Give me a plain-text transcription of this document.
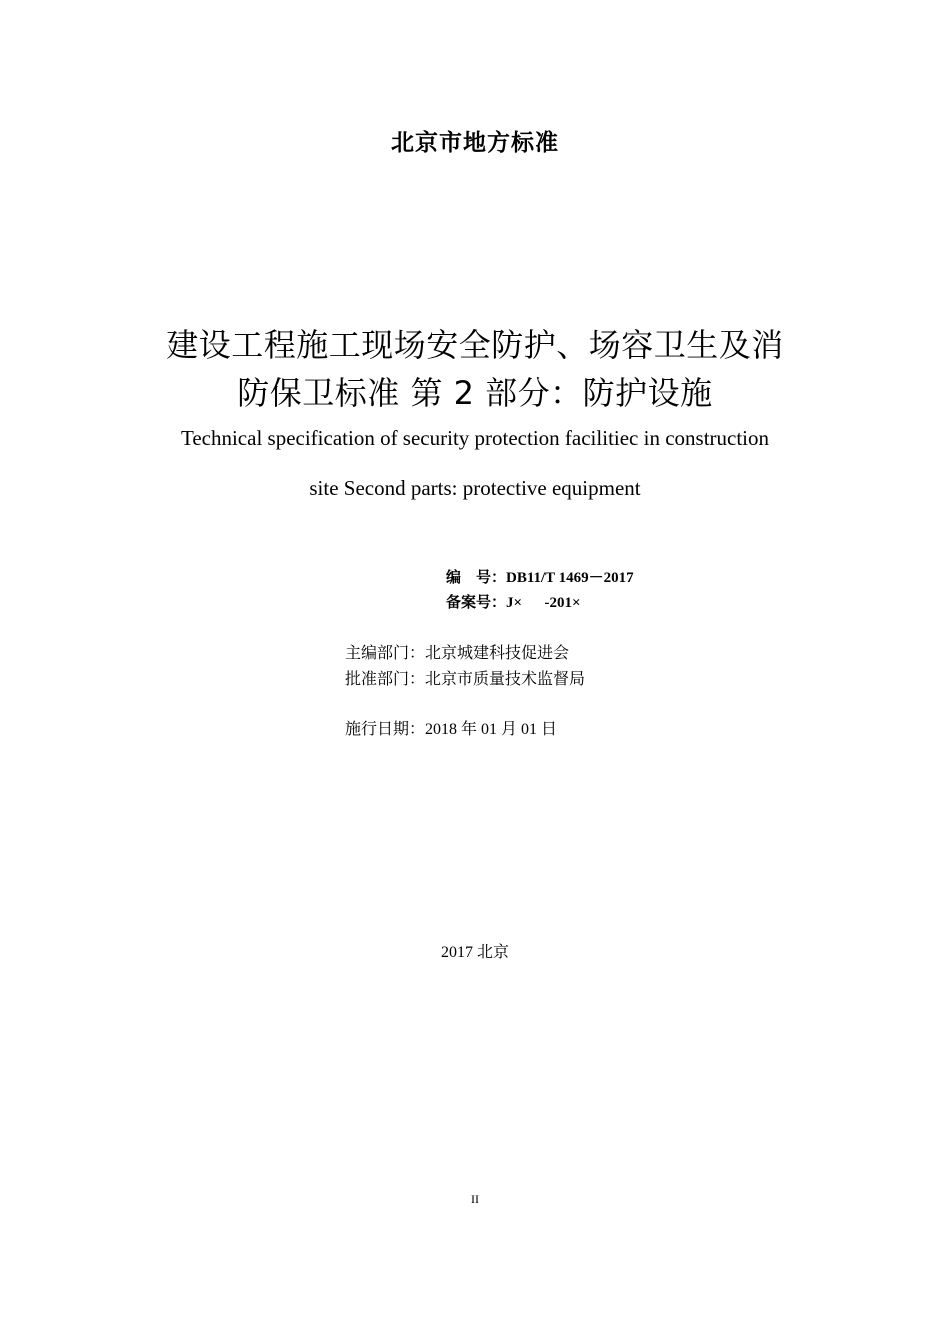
北京市地方标准
建设工程施工现场安全防护、场容卫生及消
防保卫标准 第 2 部分：防护设施
Technical specification of security protection facilitiec in construction
site Second parts: protective equipment
编    号：DB11/T 1469－2017
备案号：J×      -201×
主编部门：北京城建科技促进会
批准部门：北京市质量技术监督局
施行日期：2018 年 01 月 01 日
2017 北京
II
